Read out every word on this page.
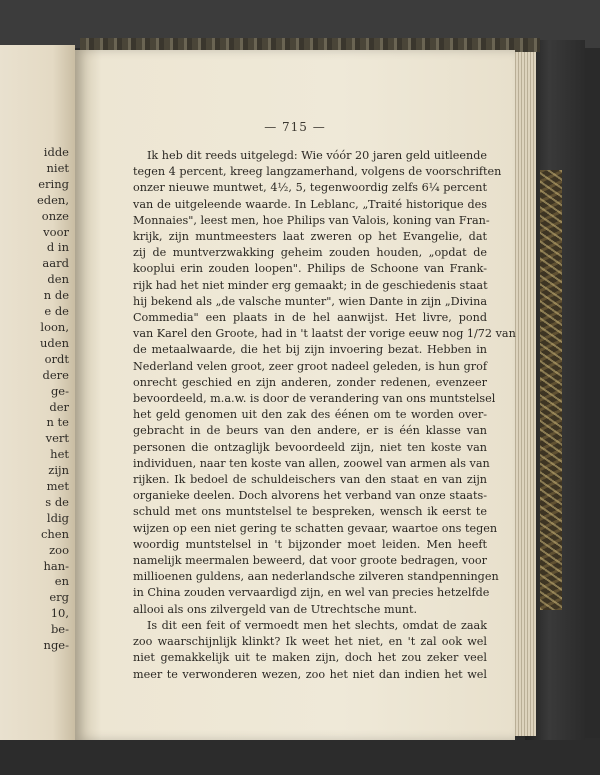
idde
niet
ering
eden,
onze
voor
d in
aard
den
n de
e de
loon,
uden
ordt
dere
ge-
der
n te
vert
het
zijn
met
s de
ldig
chen
zoo
han-
en
erg
10,
be-
nge-
— 715 —
Ik heb dit reeds uitgelegd: Wie vóór 20 jaren geld uitleende
tegen 4 percent, kreeg langzamerhand, volgens de voorschriften
onzer nieuwe muntwet, 4½, 5, tegenwoordig zelfs 6¼ percent
van de uitgeleende waarde. In Leblanc, „Traité historique des
Monnaies", leest men, hoe Philips van Valois, koning van Fran-
krijk, zijn muntmeesters laat zweren op het Evangelie, dat
zij de muntverzwakking geheim zouden houden, „opdat de
kooplui erin zouden loopen". Philips de Schoone van Frank-
rijk had het niet minder erg gemaakt; in de geschiedenis staat
hij bekend als „de valsche munter", wien Dante in zijn „Divina
Commedia" een plaats in de hel aanwijst. Het livre, pond
van Karel den Groote, had in 't laatst der vorige eeuw nog 1/72 van
de metaalwaarde, die het bij zijn invoering bezat. Hebben in
Nederland velen groot, zeer groot nadeel geleden, is hun grof
onrecht geschied en zijn anderen, zonder redenen, evenzeer
bevoordeeld, m.a.w. is door de verandering van ons muntstelsel
het geld genomen uit den zak des éénen om te worden over-
gebracht in de beurs van den andere, er is één klasse van
personen die ontzaglijk bevoordeeld zijn, niet ten koste van
individuen, naar ten koste van allen, zoowel van armen als van
rijken. Ik bedoel de schuldeischers van den staat en van zijn
organieke deelen. Doch alvorens het verband van onze staats-
schuld met ons muntstelsel te bespreken, wensch ik eerst te
wijzen op een niet gering te schatten gevaar, waartoe ons tegen
woordig muntstelsel in 't bijzonder moet leiden. Men heeft
namelijk meermalen beweerd, dat voor groote bedragen, voor
millioenen guldens, aan nederlandsche zilveren standpenningen
in China zouden vervaardigd zijn, en wel van precies hetzelfde
allooi als ons zilvergeld van de Utrechtsche munt.
Is dit een feit of vermoedt men het slechts, omdat de zaak
zoo waarschijnlijk klinkt? Ik weet het niet, en 't zal ook wel
niet gemakkelijk uit te maken zijn, doch het zou zeker veel
meer te verwonderen wezen, zoo het niet dan indien het wel
